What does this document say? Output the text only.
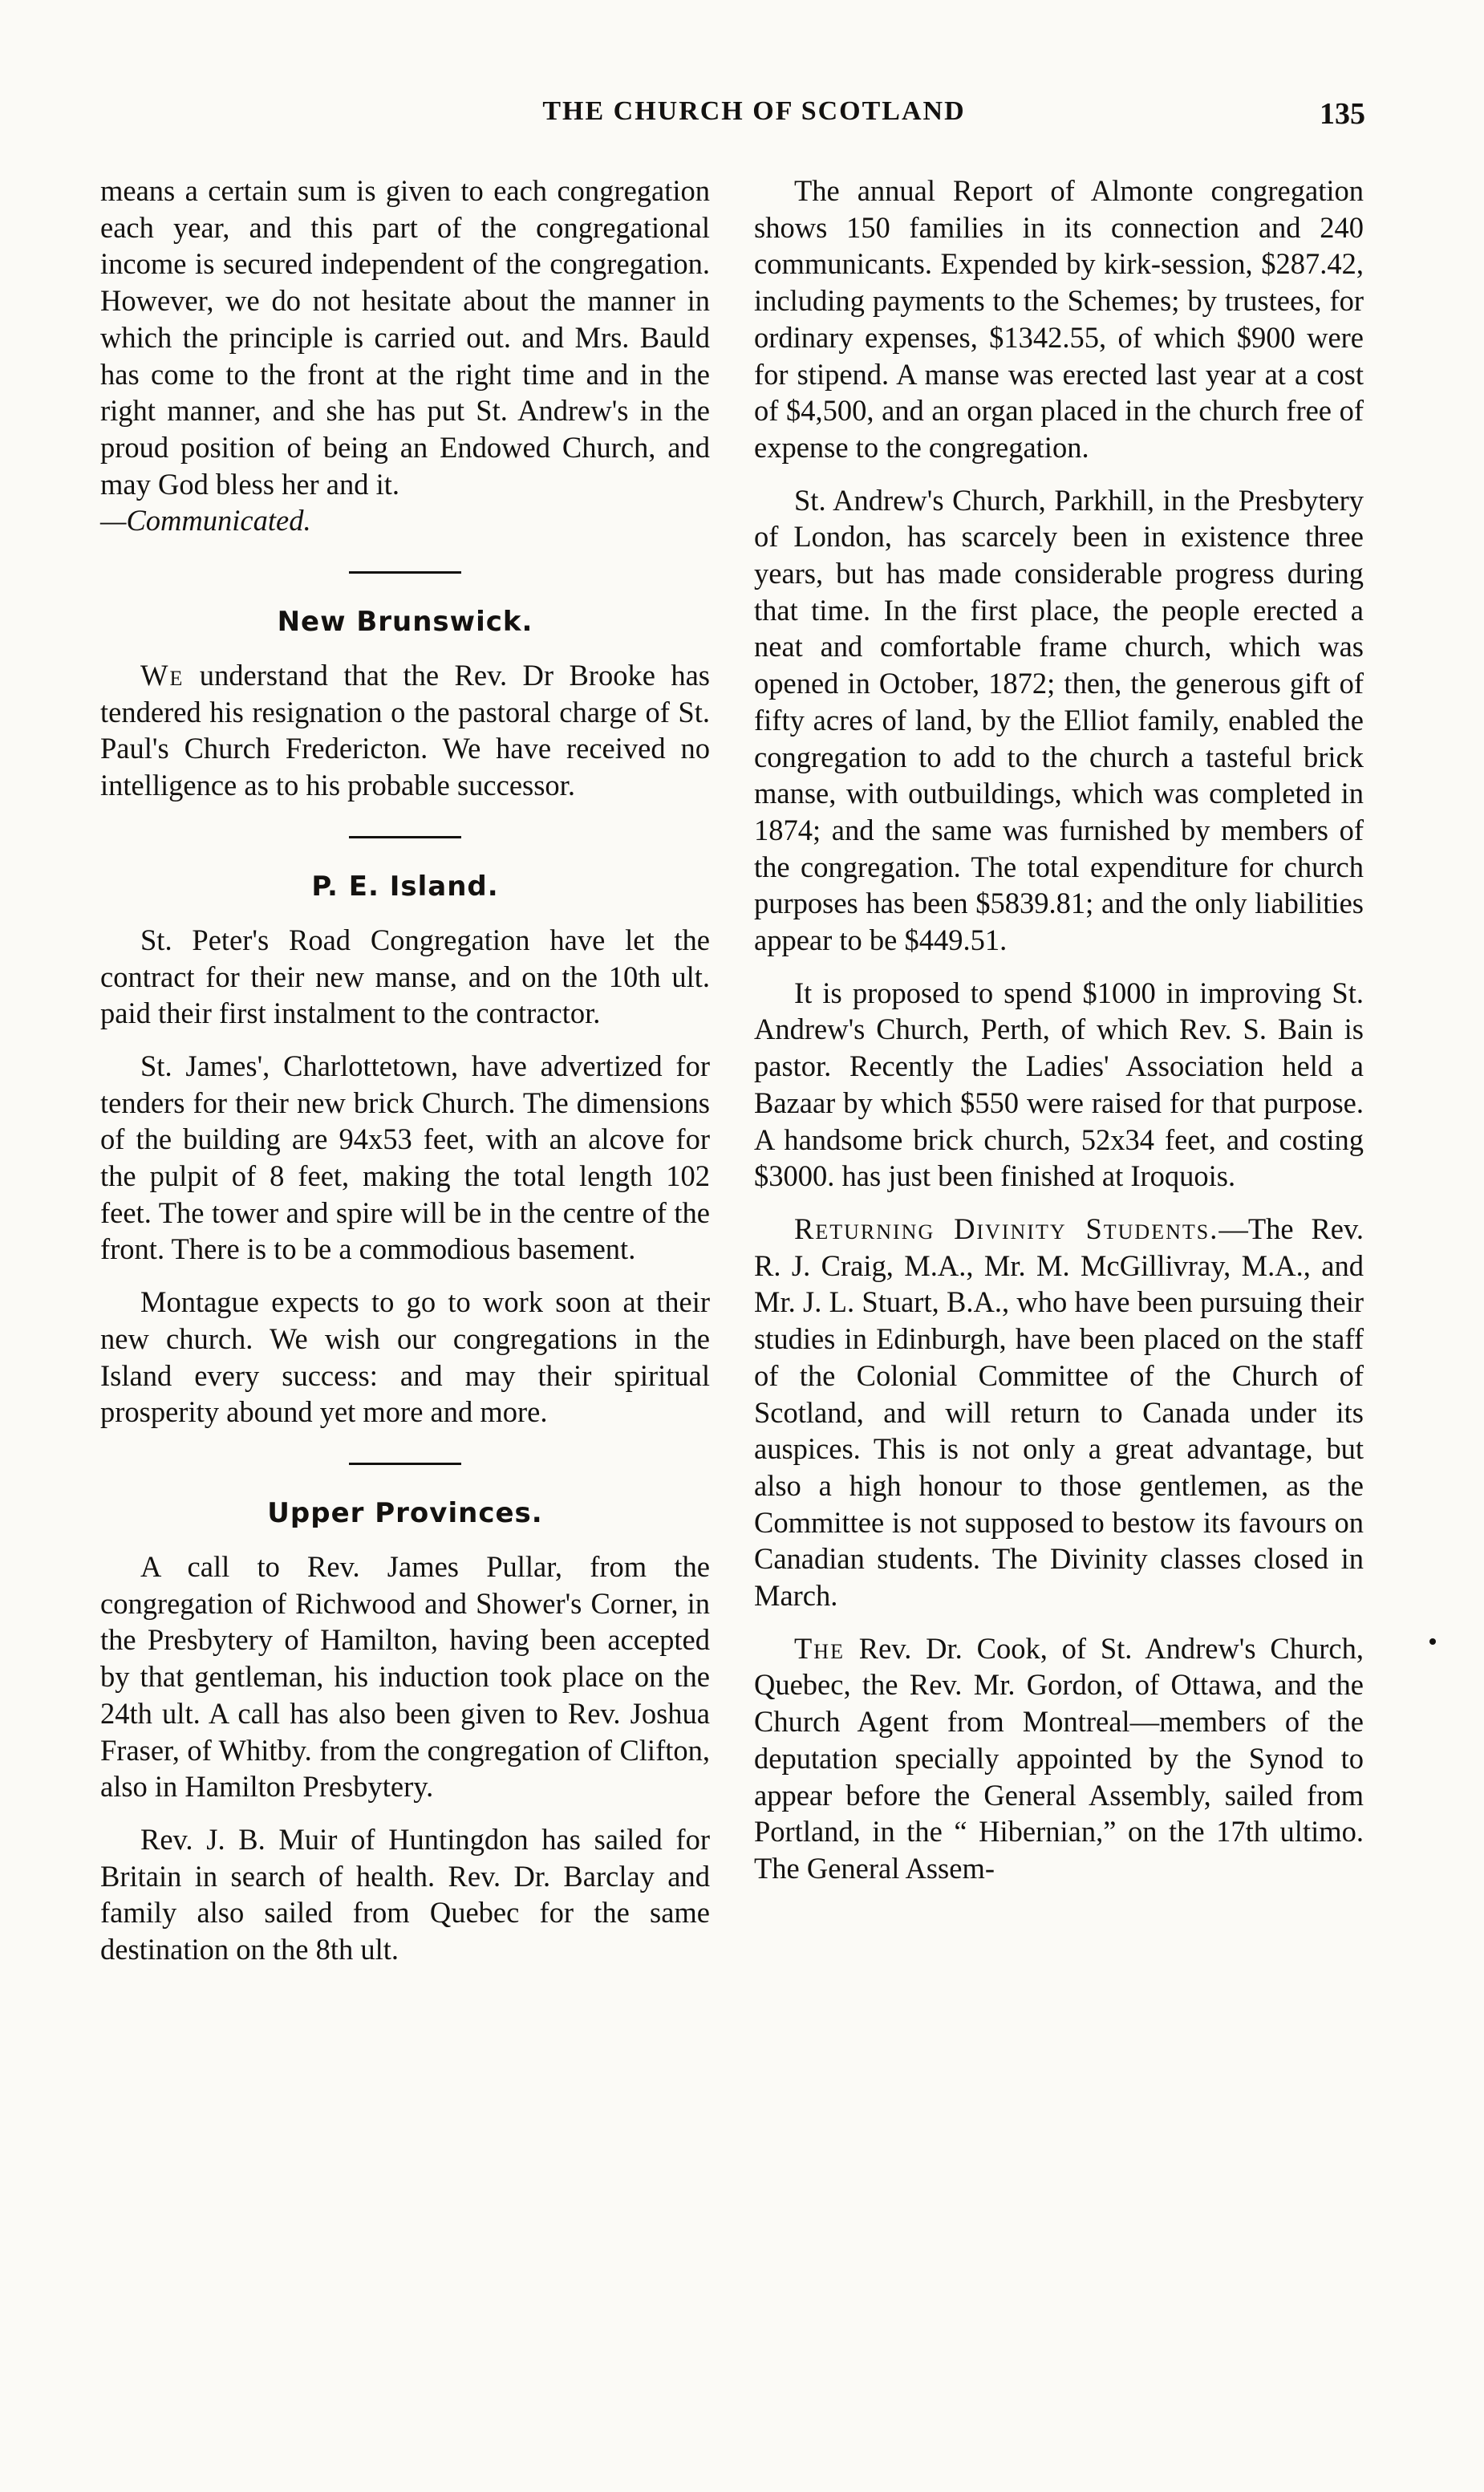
THE CHURCH OF SCOTLAND	135

means a certain sum is given to each congregation each year, and this part of the congregational income is secured independent of the congregation. However, we do not hesitate about the manner in which the principle is carried out. and Mrs. Bauld has come to the front at the right time and in the right manner, and she has put St. Andrew's in the proud position of being an Endowed Church, and may God bless her and it.
—Communicated.

New Brunswick.

We understand that the Rev. Dr Brooke has tendered his resignation o the pastoral charge of St. Paul's Church Fredericton. We have received no intelligence as to his probable successor.

P. E. Island.

St. Peter's Road Congregation have let the contract for their new manse, and on the 10th ult. paid their first instalment to the contractor.

St. James', Charlottetown, have advertized for tenders for their new brick Church. The dimensions of the building are 94x53 feet, with an alcove for the pulpit of 8 feet, making the total length 102 feet. The tower and spire will be in the centre of the front. There is to be a commodious basement.

Montague expects to go to work soon at their new church. We wish our congregations in the Island every success: and may their spiritual prosperity abound yet more and more.

Upper Provinces.

A call to Rev. James Pullar, from the congregation of Richwood and Shower's Corner, in the Presbytery of Hamilton, having been accepted by that gentleman, his induction took place on the 24th ult. A call has also been given to Rev. Joshua Fraser, of Whitby. from the congregation of Clifton, also in Hamilton Presbytery.

Rev. J. B. Muir of Huntingdon has sailed for Britain in search of health. Rev. Dr. Barclay and family also sailed from Quebec for the same destination on the 8th ult.

The annual Report of Almonte congregation shows 150 families in its connection and 240 communicants. Expended by kirk-session, $287.42, including payments to the Schemes; by trustees, for ordinary expenses, $1342.55, of which $900 were for stipend. A manse was erected last year at a cost of $4,500, and an organ placed in the church free of expense to the congregation.

St. Andrew's Church, Parkhill, in the Presbytery of London, has scarcely been in existence three years, but has made considerable progress during that time. In the first place, the people erected a neat and comfortable frame church, which was opened in October, 1872; then, the generous gift of fifty acres of land, by the Elliot family, enabled the congregation to add to the church a tasteful brick manse, with outbuildings, which was completed in 1874; and the same was furnished by members of the congregation. The total expenditure for church purposes has been $5839.81; and the only liabilities appear to be $449.51.

It is proposed to spend $1000 in improving St. Andrew's Church, Perth, of which Rev. S. Bain is pastor. Recently the Ladies' Association held a Bazaar by which $550 were raised for that purpose. A handsome brick church, 52x34 feet, and costing $3000. has just been finished at Iroquois.

Returning Divinity Students.—The Rev. R. J. Craig, M.A., Mr. M. McGillivray, M.A., and Mr. J. L. Stuart, B.A., who have been pursuing their studies in Edinburgh, have been placed on the staff of the Colonial Committee of the Church of Scotland, and will return to Canada under its auspices. This is not only a great advantage, but also a high honour to those gentlemen, as the Committee is not supposed to bestow its favours on Canadian students. The Divinity classes closed in March.

The Rev. Dr. Cook, of St. Andrew's Church, Quebec, the Rev. Mr. Gordon, of Ottawa, and the Church Agent from Montreal—members of the deputation specially appointed by the Synod to appear before the General Assembly, sailed from Portland, in the “ Hibernian,” on the 17th ultimo. The General Assem-
